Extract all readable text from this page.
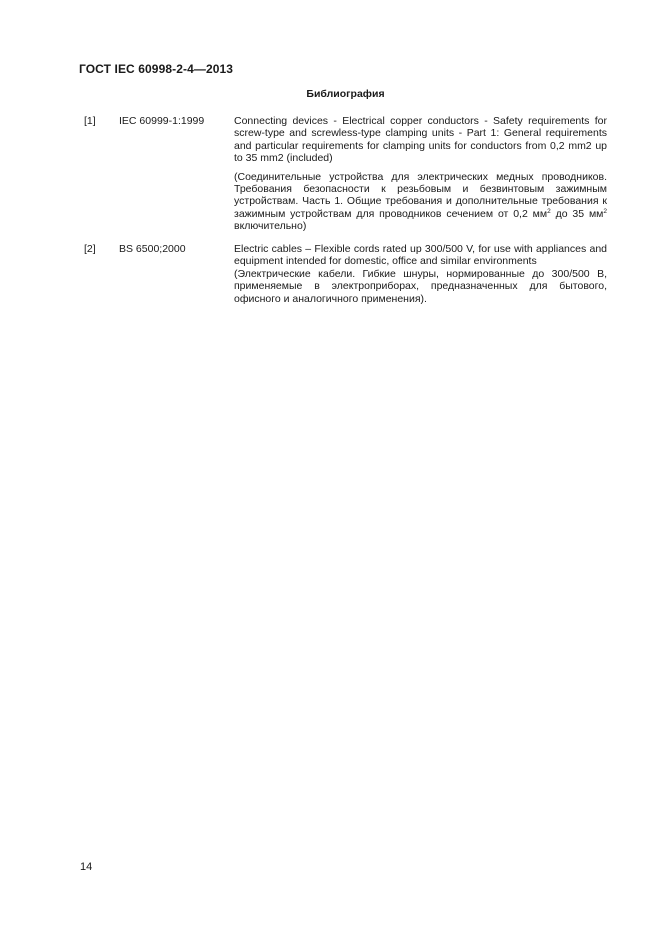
ГОСТ IEC 60998-2-4—2013
Библиография
[1] IEC 60999-1:1999	Connecting devices - Electrical copper conductors - Safety requirements for screw-type and screwless-type clamping units - Part 1: General requirements and particular requirements for clamping units for conductors from 0,2 mm2 up to 35 mm2 (included)

(Соединительные устройства для электрических медных проводников. Требования безопасности к резьбовым и безвинтовым зажимным устройствам. Часть 1. Общие требования и дополнительные требования к зажимным устройствам для проводников сечением от 0,2 $мм^2$ до 35 $мм^2$ включительно)

[2] BS 6500;2000	Electric cables – Flexible cords rated up 300/500 V, for use with appliances and equipment intended for domestic, office and similar environments

(Электрические кабели. Гибкие шнуры, нормированные до 300/500 В, применяемые в электроприборах, предназначенных для бытового, офисного и аналогичного применения).

14
